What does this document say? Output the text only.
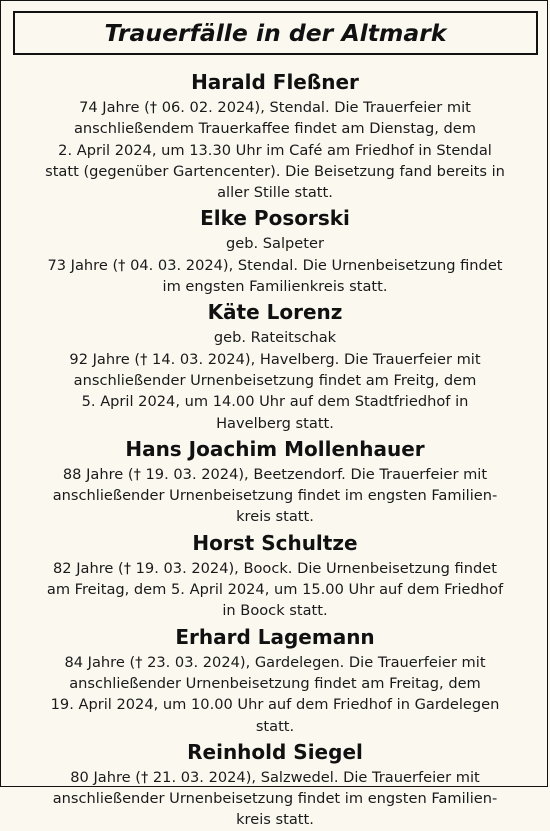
Trauerfälle in der Altmark
Harald Fleßner
74 Jahre († 06. 02. 2024), Stendal. Die Trauerfeier mit
anschließendem Trauerkaffee findet am Dienstag, dem
2. April 2024, um 13.30 Uhr im Café am Friedhof in Stendal
statt (gegenüber Gartencenter). Die Beisetzung fand bereits in
aller Stille statt.
Elke Posorski
geb. Salpeter
73 Jahre († 04. 03. 2024), Stendal. Die Urnenbeisetzung findet
im engsten Familienkreis statt.
Käte Lorenz
geb. Rateitschak
92 Jahre († 14. 03. 2024), Havelberg. Die Trauerfeier mit
anschließender Urnenbeisetzung findet am Freitg, dem
5. April 2024, um 14.00 Uhr auf dem Stadtfriedhof in
Havelberg statt.
Hans Joachim Mollenhauer
88 Jahre († 19. 03. 2024), Beetzendorf. Die Trauerfeier mit
anschließender Urnenbeisetzung findet im engsten Familien-
kreis statt.
Horst Schultze
82 Jahre († 19. 03. 2024), Boock. Die Urnenbeisetzung findet
am Freitag, dem 5. April 2024, um 15.00 Uhr auf dem Friedhof
in Boock statt.
Erhard Lagemann
84 Jahre († 23. 03. 2024), Gardelegen. Die Trauerfeier mit
anschließender Urnenbeisetzung findet am Freitag, dem
19. April 2024, um 10.00 Uhr auf dem Friedhof in Gardelegen
statt.
Reinhold Siegel
80 Jahre († 21. 03. 2024), Salzwedel. Die Trauerfeier mit
anschließender Urnenbeisetzung findet im engsten Familien-
kreis statt.
